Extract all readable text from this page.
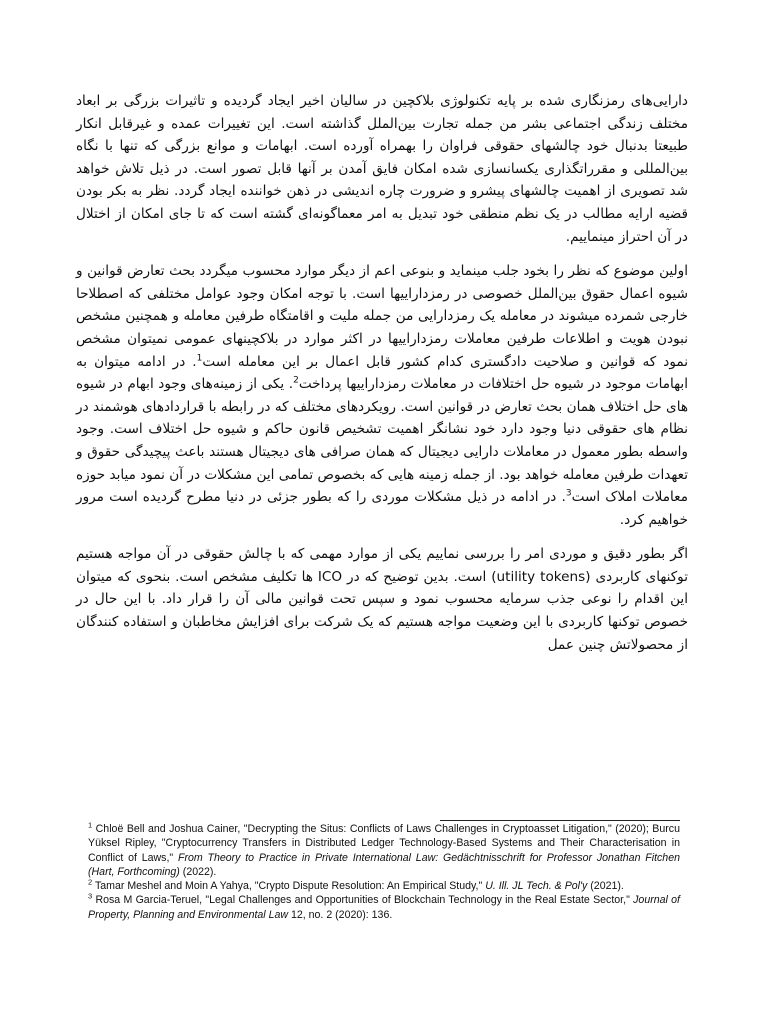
دارایی‌های رمزنگاری شده بر پایه تکنولوژی بلاکچین در سالیان اخیر ایجاد گردیده و تاثیرات بزرگی بر ابعاد مختلف زندگی اجتماعی بشر من جمله تجارت بین‌الملل گذاشته است. این تغییرات عمده و غیرقابل انکار طبیعتا بدنبال خود چالشهای حقوقی فراوان را بهمراه آورده است. ابهامات و موانع بزرگی که تنها با نگاه بین‌المللی و مقرراتگذاری یکسانسازی شده امکان فایق آمدن بر آنها قابل تصور است. در ذیل تلاش خواهد شد تصویری از اهمیت چالشهای پیشرو و ضرورت چاره اندیشی در ذهن خواننده ایجاد گردد. نظر به بکر بودن قضیه ارایه مطالب در یک نظم منطقی خود تبدیل به امر معماگونه‌ای گشته است که تا جای امکان از اختلال در آن احتراز مینماییم.

اولین موضوع که نظر را بخود جلب مینماید و بنوعی اعم از دیگر موارد محسوب میگردد بحث تعارض قوانین و شیوه اعمال حقوق بین‌الملل خصوصی در رمزداراییها است. با توجه امکان وجود عوامل مختلفی که اصطلاحا خارجی شمرده میشوند در معامله یک رمزدارایی من جمله ملیت و اقامتگاه طرفین معامله و همچنین مشخص نبودن هویت و اطلاعات طرفین معاملات رمزداراییها در اکثر موارد در بلاکچینهای عمومی نمیتوان مشخص نمود که قوانین و صلاحیت دادگستری کدام کشور قابل اعمال بر این معامله است$^1$. در ادامه میتوان به ابهامات موجود در شیوه حل اختلافات در معاملات رمزداراییها پرداخت$^2$. یکی از زمینه‌های وجود ابهام در شیوه های حل اختلاف همان بحث تعارض در قوانین است. رویکردهای مختلف که در رابطه با قراردادهای هوشمند در نظام های حقوقی دنیا وجود دارد خود نشانگر اهمیت تشخیص قانون حاکم و شیوه حل اختلاف است. وجود واسطه بطور معمول در معاملات دارایی دیجیتال که همان صرافی های دیجیتال هستند باعث پیچیدگی حقوق و تعهدات طرفین معامله خواهد بود. از جمله زمینه هایی که بخصوص تمامی این مشکلات در آن نمود میابد حوزه معاملات املاک است$^3$. در ادامه در ذیل مشکلات موردی را که بطور جزئی در دنیا مطرح گردیده است مرور خواهیم کرد.

اگر بطور دقیق و موردی امر را بررسی نماییم یکی از موارد مهمی که با چالش حقوقی در آن مواجه هستیم توکنهای کاربردی (utility tokens) است. بدین توضیح که در ICO ها تکلیف مشخص است. بنحوی که میتوان این اقدام را نوعی جذب سرمایه محسوب نمود و سپس تحت قوانین مالی آن را قرار داد. با این حال در خصوص توکنها کاربردی با این وضعیت مواجه هستیم که یک شرکت برای افزایش مخاطبان و استفاده کنندگان از محصولاتش چنین عمل

$^1$ Chloë Bell and Joshua Cainer, "Decrypting the Situs: Conflicts of Laws Challenges in Cryptoasset Litigation," (2020); Burcu Yüksel Ripley, "Cryptocurrency Transfers in Distributed Ledger Technology-Based Systems and Their Characterisation in Conflict of Laws," From Theory to Practice in Private International Law: Gedächtnisschrift for Professor Jonathan Fitchen (Hart, Forthcoming) (2022).

$^2$ Tamar Meshel and Moin A Yahya, "Crypto Dispute Resolution: An Empirical Study," U. Ill. JL Tech. & Pol'y (2021).

$^3$ Rosa M Garcia-Teruel, "Legal Challenges and Opportunities of Blockchain Technology in the Real Estate Sector," Journal of Property, Planning and Environmental Law 12, no. 2 (2020): 136.
